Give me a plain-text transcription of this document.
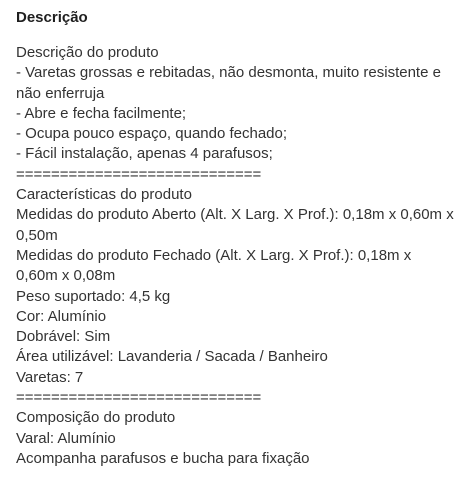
Descrição
Descrição do produto
- Varetas grossas e rebitadas, não desmonta, muito resistente e não enferruja
- Abre e fecha facilmente;
- Ocupa pouco espaço, quando fechado;
- Fácil instalação, apenas 4 parafusos;
============================
Características do produto
Medidas do produto Aberto (Alt. X Larg. X Prof.): 0,18m x 0,60m x 0,50m
Medidas do produto Fechado (Alt. X Larg. X Prof.): 0,18m x 0,60m x 0,08m
Peso suportado: 4,5 kg
Cor: Alumínio
Dobrável: Sim
Área utilizável: Lavanderia / Sacada / Banheiro
Varetas: 7
============================
Composição do produto
Varal: Alumínio
Acompanha parafusos e bucha para fixação
